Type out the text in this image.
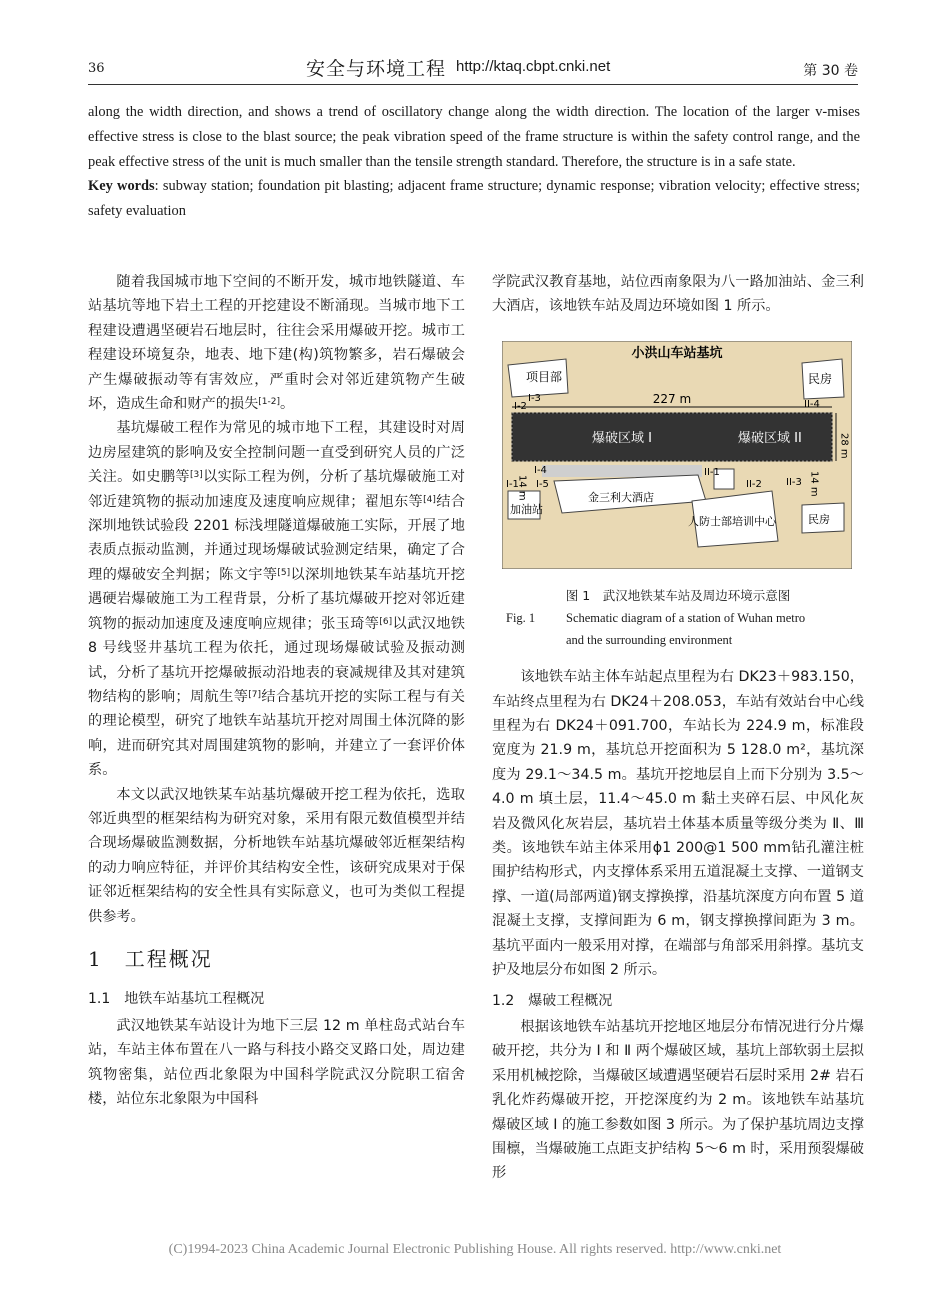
36	安全与环境工程 http://ktaq.cbpt.cnki.net	第 30 卷

along the width direction, and shows a trend of oscillatory change along the width direction. The location of the larger v-mises effective stress is close to the blast source; the peak vibration speed of the frame structure is within the safety control range, and the peak effective stress of the unit is much smaller than the tensile strength standard. Therefore, the structure is in a safe state.

Key words: subway station; foundation pit blasting; adjacent frame structure; dynamic response; vibration velocity; effective stress; safety evaluation

随着我国城市地下空间的不断开发，城市地铁隧道、车站基坑等地下岩土工程的开挖建设不断涌现。当城市地下工程建设遭遇坚硬岩石地层时，往往会采用爆破开挖。城市工程建设环境复杂，地表、地下建(构)筑物繁多，岩石爆破会产生爆破振动等有害效应，严重时会对邻近建筑物产生破坏，造成生命和财产的损失[1-2]。

基坑爆破工程作为常见的城市地下工程，其建设时对周边房屋建筑的影响及安全控制问题一直受到研究人员的广泛关注。如史鹏等[3]以实际工程为例，分析了基坑爆破施工对邻近建筑物的振动加速度及速度响应规律；翟旭东等[4]结合深圳地铁试验段 2201 标浅埋隧道爆破施工实际，开展了地表质点振动监测，并通过现场爆破试验测定结果，确定了合理的爆破安全判据；陈文宇等[5]以深圳地铁某车站基坑开挖遇硬岩爆破施工为工程背景，分析了基坑爆破开挖对邻近建筑物的振动加速度及速度响应规律；张玉琦等[6]以武汉地铁 8 号线竖井基坑工程为依托，通过现场爆破试验及振动测试，分析了基坑开挖爆破振动沿地表的衰减规律及其对建筑物结构的影响；周航生等[7]结合基坑开挖的实际工程与有关的理论模型，研究了地铁车站基坑开挖对周围土体沉降的影响，进而研究其对周围建筑物的影响，并建立了一套评价体系。

本文以武汉地铁某车站基坑爆破开挖工程为依托，选取邻近典型的框架结构为研究对象，采用有限元数值模型并结合现场爆破监测数据，分析地铁车站基坑爆破邻近框架结构的动力响应特征，并评价其结构安全性，该研究成果对于保证邻近框架结构的安全性具有实际意义，也可为类似工程提供参考。

1 工程概况

1.1 地铁车站基坑工程概况

武汉地铁某车站设计为地下三层 12 m 单柱岛式站台车站，车站主体布置在八一路与科技小路交叉路口处，周边建筑物密集，站位西北象限为中国科学院武汉分院职工宿舍楼，站位东北象限为中国科

学院武汉教育基地，站位西南象限为八一路加油站、金三利大酒店，该地铁车站及周边环境如图 1 所示。

小洪山车站基坑
项目部	民房
227 m
爆破区域 I	爆破区域 II	28 m
I-2
I-3
I-1
I-4
I-5
14 m
II-1
II-2 II-3
II-4
14 m
加油站
金三利大酒店
人防士部培训中心	民房
图 1　武汉地铁某车站及周边环境示意图
Fig. 1 Schematic diagram of a station of Wuhan metro
and the surrounding environment

该地铁车站主体车站起点里程为右 DK23＋983.150，车站终点里程为右 DK24＋208.053，车站有效站台中心线里程为右 DK24＋091.700，车站长为 224.9 m，标准段宽度为 21.9 m，基坑总开挖面积为 5 128.0 m²，基坑深度为 29.1～34.5 m。基坑开挖地层自上而下分别为 3.5～4.0 m 填土层，11.4～45.0 m 黏土夹碎石层、中风化灰岩及微风化灰岩层，基坑岩土体基本质量等级分类为 Ⅱ、Ⅲ 类。该地铁车站主体采用ϕ1 200@1 500 mm钻孔灌注桩围护结构形式，内支撑体系采用五道混凝土支撑、一道钢支撑、一道(局部两道)钢支撑换撑，沿基坑深度方向布置 5 道混凝土支撑，支撑间距为 6 m，钢支撑换撑间距为 3 m。基坑平面内一般采用对撑，在端部与角部采用斜撑。基坑支护及地层分布如图 2 所示。

1.2 爆破工程概况

根据该地铁车站基坑开挖地区地层分布情况进行分片爆破开挖，共分为 Ⅰ 和 Ⅱ 两个爆破区域，基坑上部软弱土层拟采用机械挖除，当爆破区域遭遇坚硬岩石层时采用 2# 岩石乳化炸药爆破开挖，开挖深度约为 2 m。该地铁车站基坑爆破区域 Ⅰ 的施工参数如图 3 所示。为了保护基坑周边支撑围檩，当爆破施工点距支护结构 5～6 m 时，采用预裂爆破形

(C)1994-2023 China Academic Journal Electronic Publishing House. All rights reserved. http://www.cnki.net
